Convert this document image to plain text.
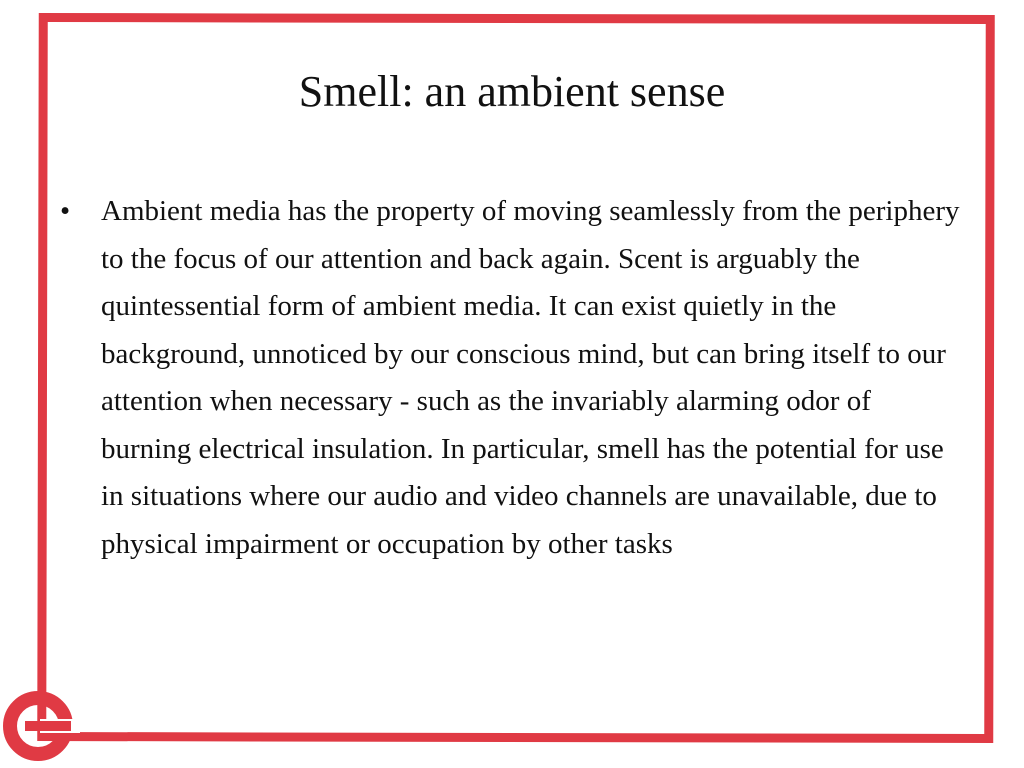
Smell: an ambient sense
• Ambient media has the property of moving seamlessly from the periphery to the focus of our attention and back again. Scent is arguably the quintessential form of ambient media. It can exist quietly in the background, unnoticed by our conscious mind, but can bring itself to our attention when necessary - such as the invariably alarming odor of burning electrical insulation. In particular, smell has the potential for use in situations where our audio and video channels are unavailable, due to physical impairment or occupation by other tasks
